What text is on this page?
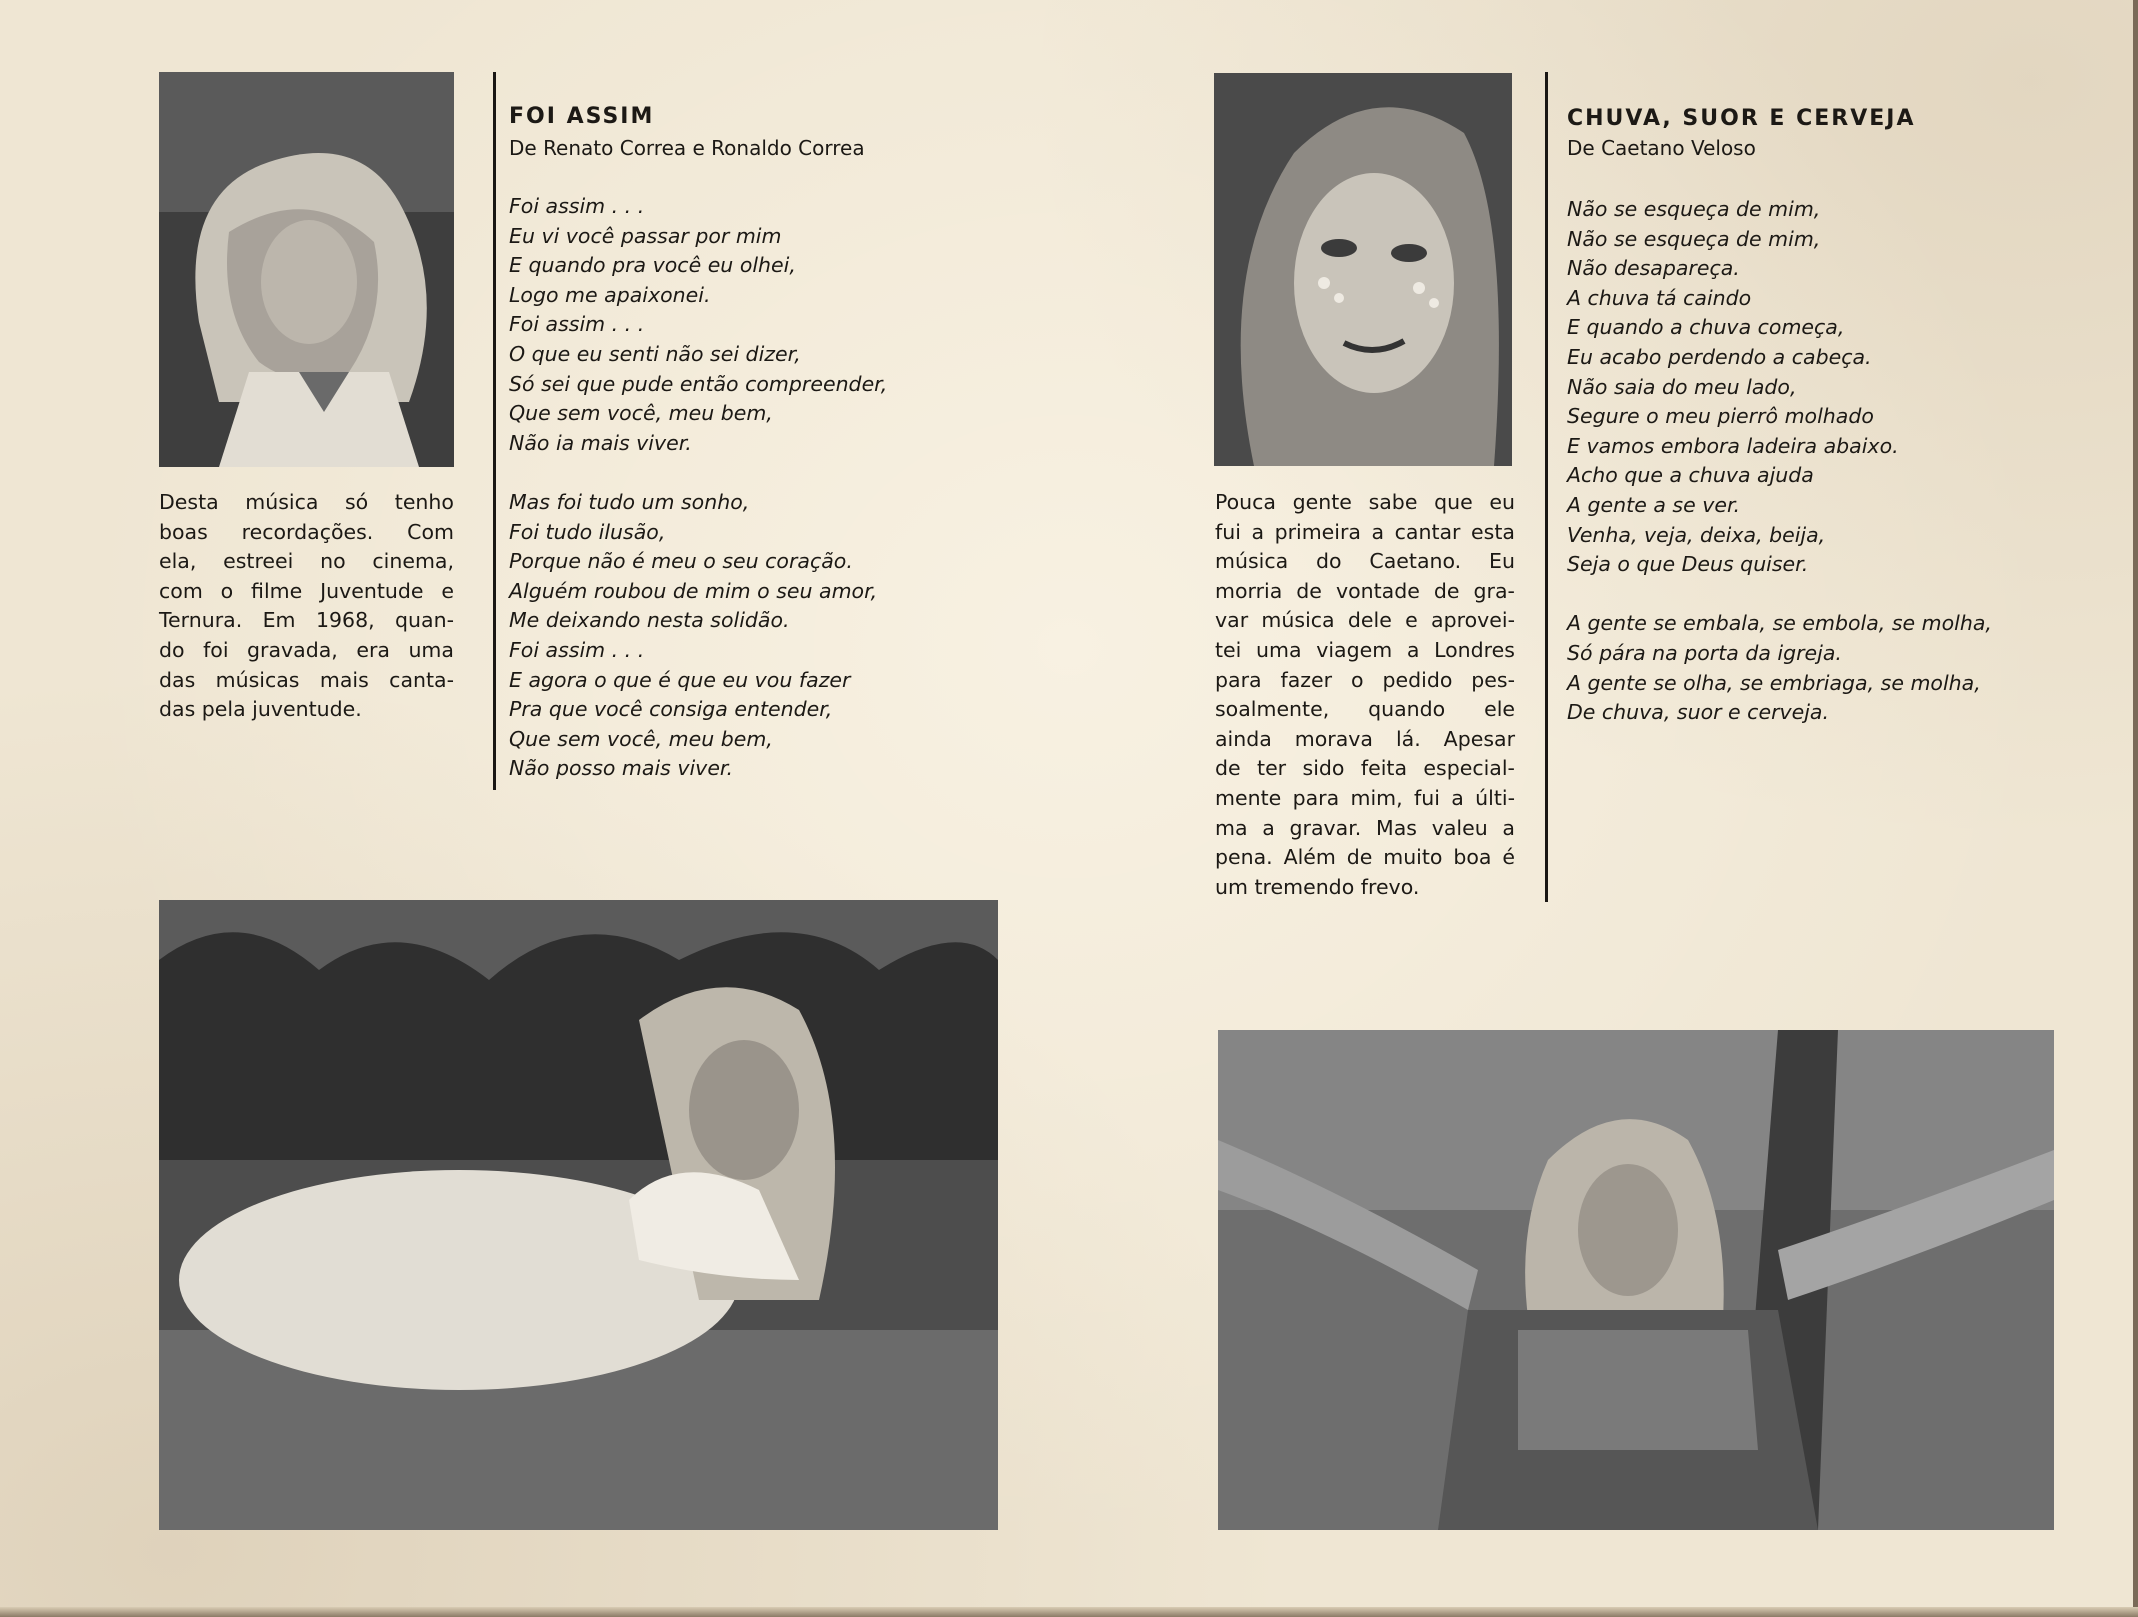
FOI ASSIM

De Renato Correa e Ronaldo Correa

Foi assim . . .
Eu vi você passar por mim
E quando pra você eu olhei,
Logo me apaixonei.
Foi assim . . .
O que eu senti não sei dizer,
Só sei que pude então compreender,
Que sem você, meu bem,
Não ia mais viver.
Mas foi tudo um sonho,
Foi tudo ilusão,
Porque não é meu o seu coração.
Alguém roubou de mim o seu amor,
Me deixando nesta solidão.
Foi assim . . .
E agora o que é que eu vou fazer
Pra que você consiga entender,
Que sem você, meu bem,
Não posso mais viver.
Desta música só tenho
boas recordações. Com
ela, estreei no cinema,
com o filme Juventude e
Ternura. Em 1968, quan-
do foi gravada, era uma
das músicas mais canta-
das pela juventude.
CHUVA, SUOR E CERVEJA

De Caetano Veloso

Não se esqueça de mim,
Não se esqueça de mim,
Não desapareça.
A chuva tá caindo
E quando a chuva começa,
Eu acabo perdendo a cabeça.
Não saia do meu lado,
Segure o meu pierrô molhado
E vamos embora ladeira abaixo.
Acho que a chuva ajuda
A gente a se ver.
Venha, veja, deixa, beija,
Seja o que Deus quiser.
A gente se embala, se embola, se molha,
Só pára na porta da igreja.
A gente se olha, se embriaga, se molha,
De chuva, suor e cerveja.
Pouca gente sabe que eu
fui a primeira a cantar esta
música do Caetano. Eu
morria de vontade de gra-
var música dele e aprovei-
tei uma viagem a Londres
para fazer o pedido pes-
soalmente, quando ele
ainda morava lá. Apesar
de ter sido feita especial-
mente para mim, fui a últi-
ma a gravar. Mas valeu a
pena. Além de muito boa é
um tremendo frevo.
